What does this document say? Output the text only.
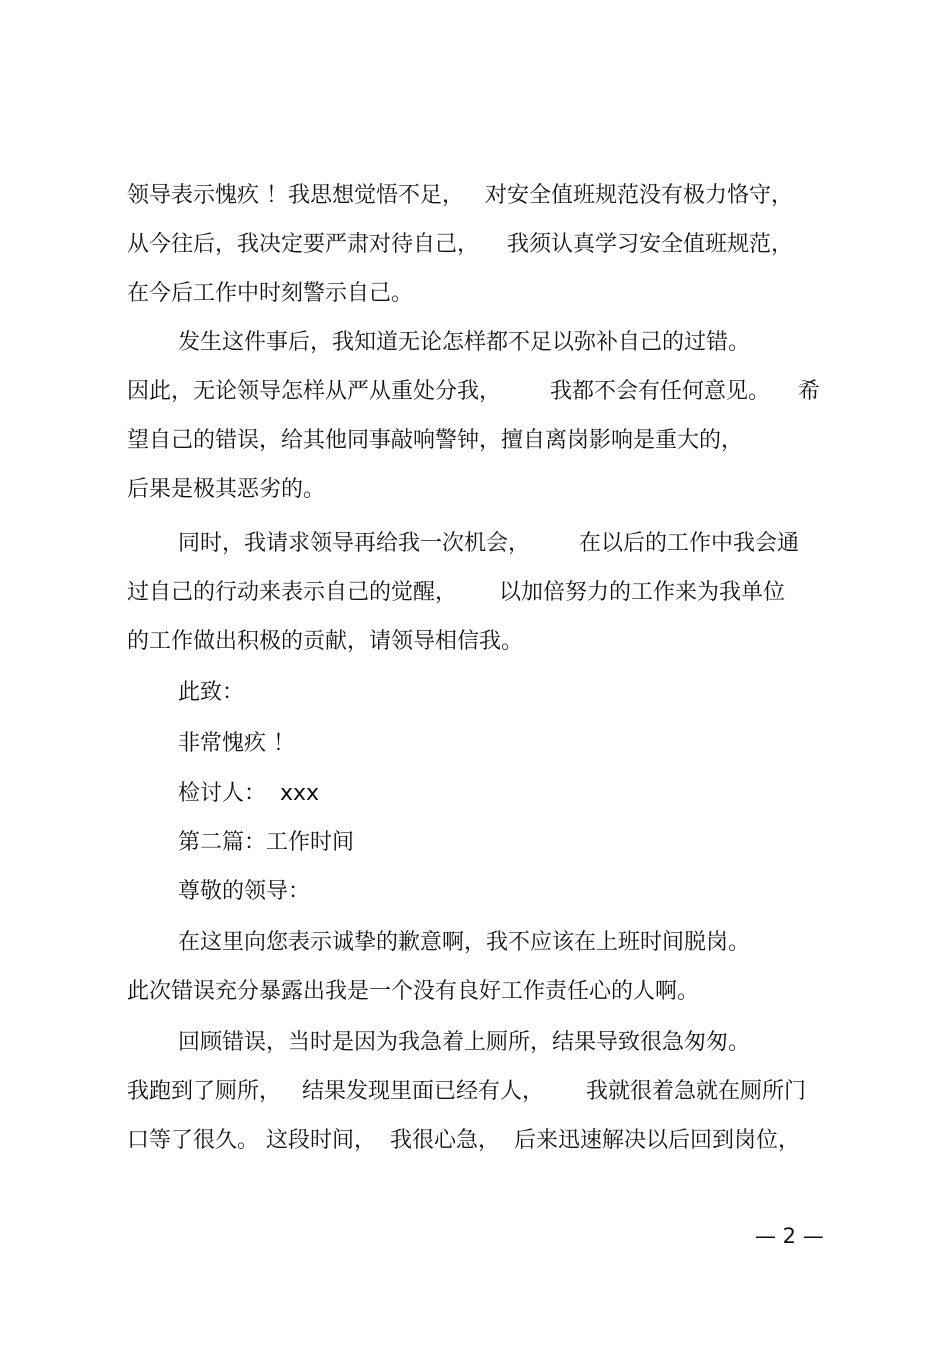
领导表示愧疚 ！我思想觉悟不足，   对安全值班规范没有极力恪守，
从今往后，我决定要严肃对待自己，    我须认真学习安全值班规范，
在今后工作中时刻警示自己。
发生这件事后，我知道无论怎样都不足以弥补自己的过错。
因此，无论领导怎样从严从重处分我，       我都不会有任何意见。    希
望自己的错误，给其他同事敲响警钟，擅自离岗影响是重大的，
后果是极其恶劣的。
同时，我请求领导再给我一次机会，       在以后的工作中我会通
过自己的行动来表示自己的觉醒，      以加倍努力的工作来为我单位
的工作做出积极的贡献，请领导相信我。
此致：
非常愧疚 ！
检讨人：  xxx
第二篇：工作时间
尊敬的领导：
在这里向您表示诚挚的歉意啊，我不应该在上班时间脱岗。
此次错误充分暴露出我是一个没有良好工作责任心的人啊。
回顾错误，当时是因为我急着上厕所，结果导致很急匆匆。
我跑到了厕所，   结果发现里面已经有人，      我就很着急就在厕所门
口等了很久。 这段时间，  我很心急，  后来迅速解决以后回到岗位，
— 2 —
